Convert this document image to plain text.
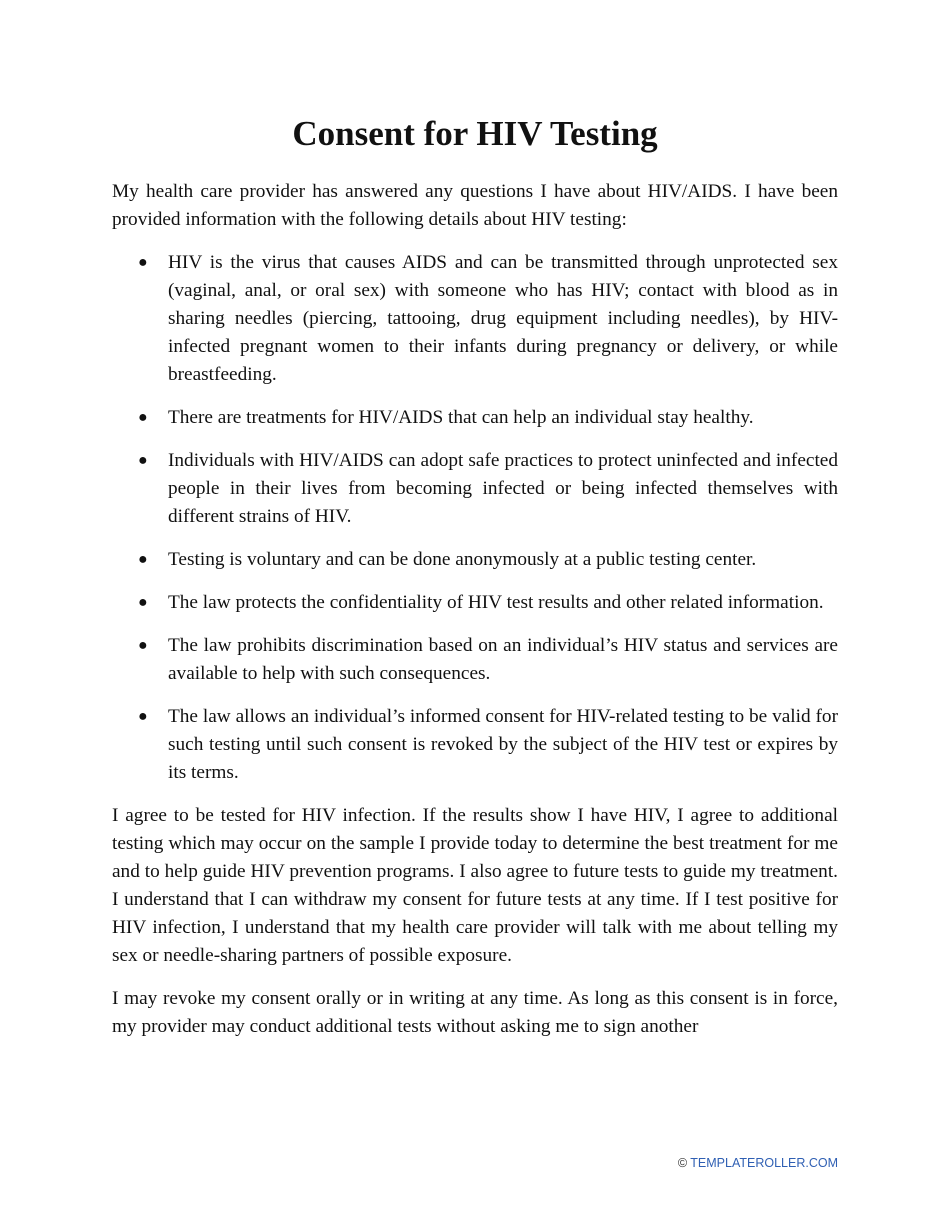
Consent for HIV Testing

My health care provider has answered any questions I have about HIV/AIDS. I have been provided information with the following details about HIV testing:

● HIV is the virus that causes AIDS and can be transmitted through unprotected sex (vaginal, anal, or oral sex) with someone who has HIV; contact with blood as in sharing needles (piercing, tattooing, drug equipment including needles), by HIV-infected pregnant women to their infants during pregnancy or delivery, or while breastfeeding.
● There are treatments for HIV/AIDS that can help an individual stay healthy.
● Individuals with HIV/AIDS can adopt safe practices to protect uninfected and infected people in their lives from becoming infected or being infected themselves with different strains of HIV.
● Testing is voluntary and can be done anonymously at a public testing center.
● The law protects the confidentiality of HIV test results and other related information.
● The law prohibits discrimination based on an individual’s HIV status and services are available to help with such consequences.
● The law allows an individual’s informed consent for HIV-related testing to be valid for such testing until such consent is revoked by the subject of the HIV test or expires by its terms.

I agree to be tested for HIV infection. If the results show I have HIV, I agree to additional testing which may occur on the sample I provide today to determine the best treatment for me and to help guide HIV prevention programs. I also agree to future tests to guide my treatment. I understand that I can withdraw my consent for future tests at any time. If I test positive for HIV infection, I understand that my health care provider will talk with me about telling my sex or needle-sharing partners of possible exposure.

I may revoke my consent orally or in writing at any time. As long as this consent is in force, my provider may conduct additional tests without asking me to sign another

© TEMPLATEROLLER.COM
